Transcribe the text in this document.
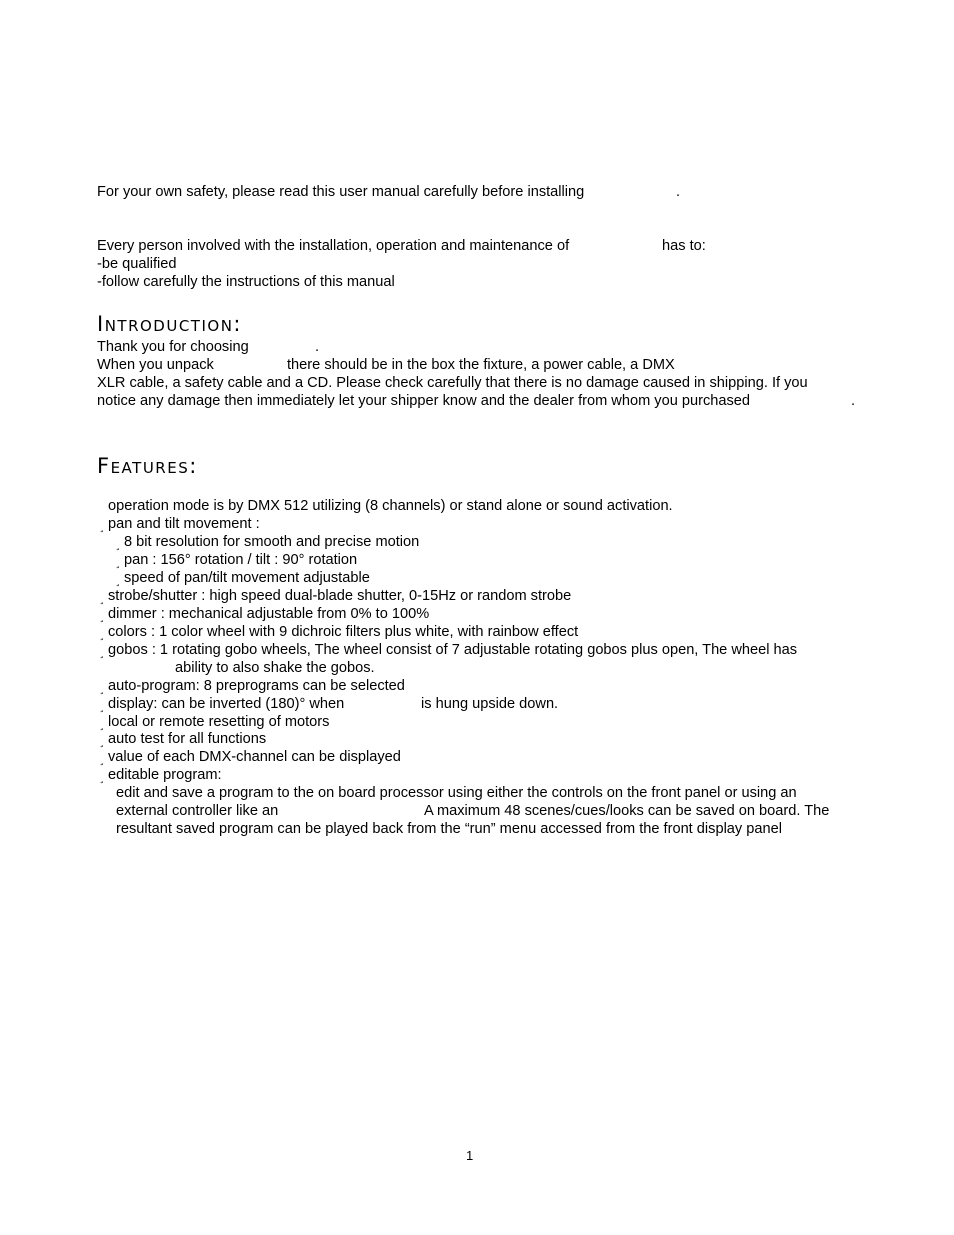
For your own safety, please read this user manual carefully before installing	.
Every person involved with the installation, operation and maintenance of	has to:
-be qualified
-follow carefully the instructions of this manual
Introduction:
Thank you for choosing	.
When you unpack	there should be in the box the fixture, a power cable, a DMX
XLR cable, a safety cable and a CD. Please check carefully that there is no damage caused in shipping. If you
notice any damage then immediately let your shipper know and the dealer from whom you purchased	.
Features:
operation mode is by DMX 512 utilizing (8 channels) or stand alone or sound activation.
¸ pan and tilt movement :
¸ 8 bit resolution for smooth and precise motion
¸ pan : 156° rotation / tilt : 90° rotation
¸ speed of pan/tilt movement adjustable
¸ strobe/shutter : high speed dual-blade shutter, 0-15Hz or random strobe
¸ dimmer : mechanical adjustable from 0% to 100%
¸ colors : 1 color wheel with 9 dichroic filters plus white, with rainbow effect
¸ gobos : 1 rotating gobo wheels, The wheel consist of 7 adjustable rotating gobos plus open, The wheel has
ability to also shake the gobos.
¸ auto-program: 8 preprograms can be selected
¸ display: can be inverted (180)° when	is hung upside down.
¸ local or remote resetting of motors
¸ auto test for all functions
¸ value of each DMX-channel can be displayed
¸ editable program:
edit and save a program to the on board processor using either the controls on the front panel or using an
external controller like an	A maximum 48 scenes/cues/looks can be saved on board. The
resultant saved program can be played back from the “run” menu accessed from the front display panel
1
